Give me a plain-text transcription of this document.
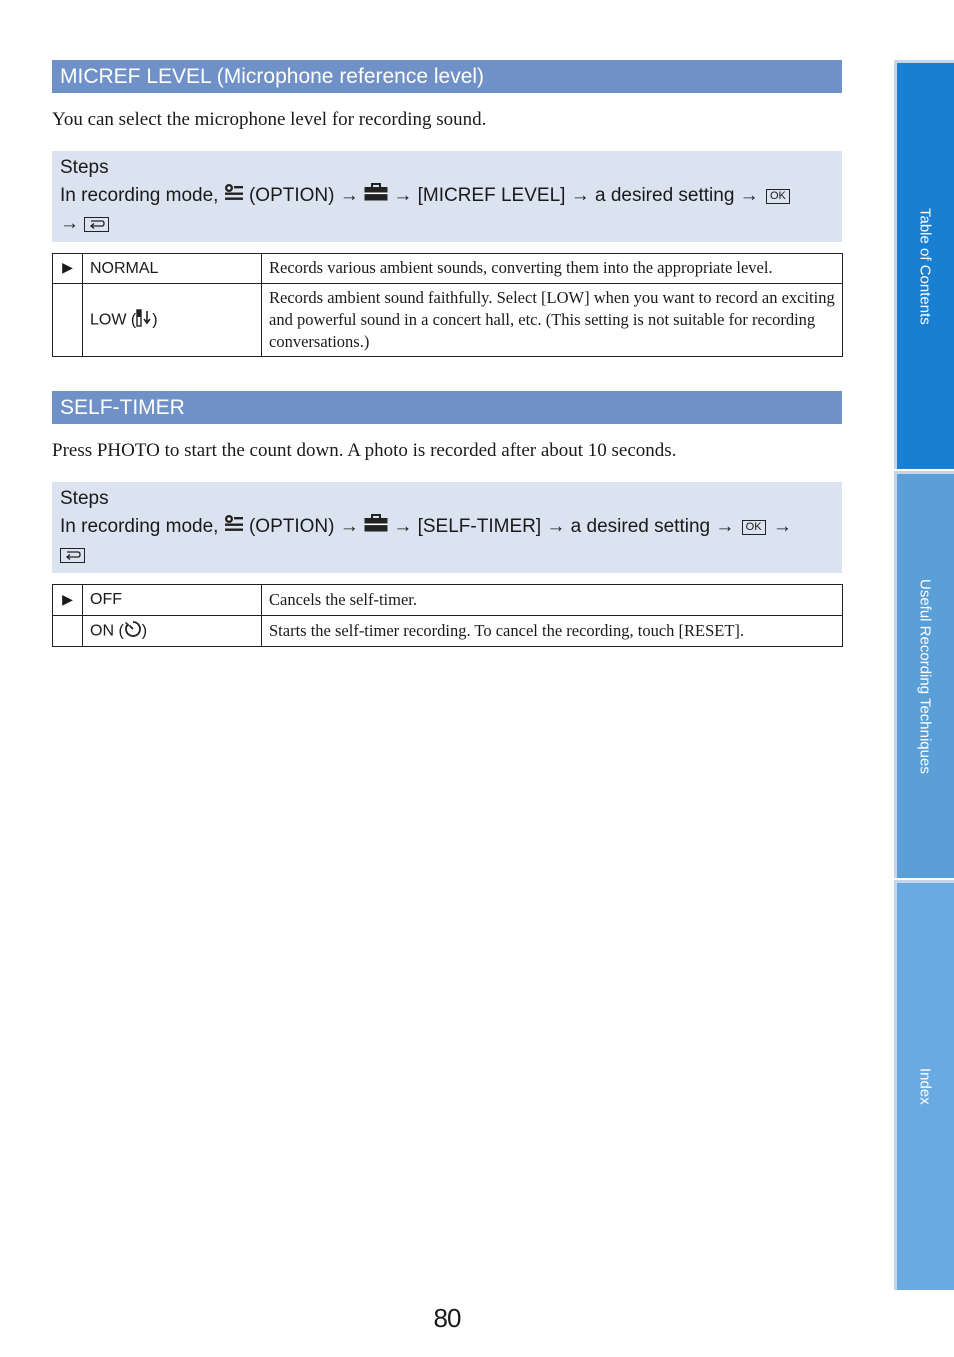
MICREF LEVEL (Microphone reference level)
You can select the microphone level for recording sound.
Steps
In recording mode, (OPTION) → → [MICREF LEVEL] → a desired setting → OK
→
▶	NORMAL	Records various ambient sounds, converting them into the appropriate level.
	LOW ( )	Records ambient sound faithfully. Select [LOW] when you want to record an exciting and powerful sound in a concert hall, etc. (This setting is not suitable for recording conversations.)
SELF-TIMER
Press PHOTO to start the count down. A photo is recorded after about 10 seconds.
Steps
In recording mode, (OPTION) → → [SELF-TIMER] → a desired setting → OK →
▶	OFF	Cancels the self-timer.
	ON ( )	Starts the self-timer recording. To cancel the recording, touch [RESET].
Table of Contents
Useful Recording Techniques
Index
80
